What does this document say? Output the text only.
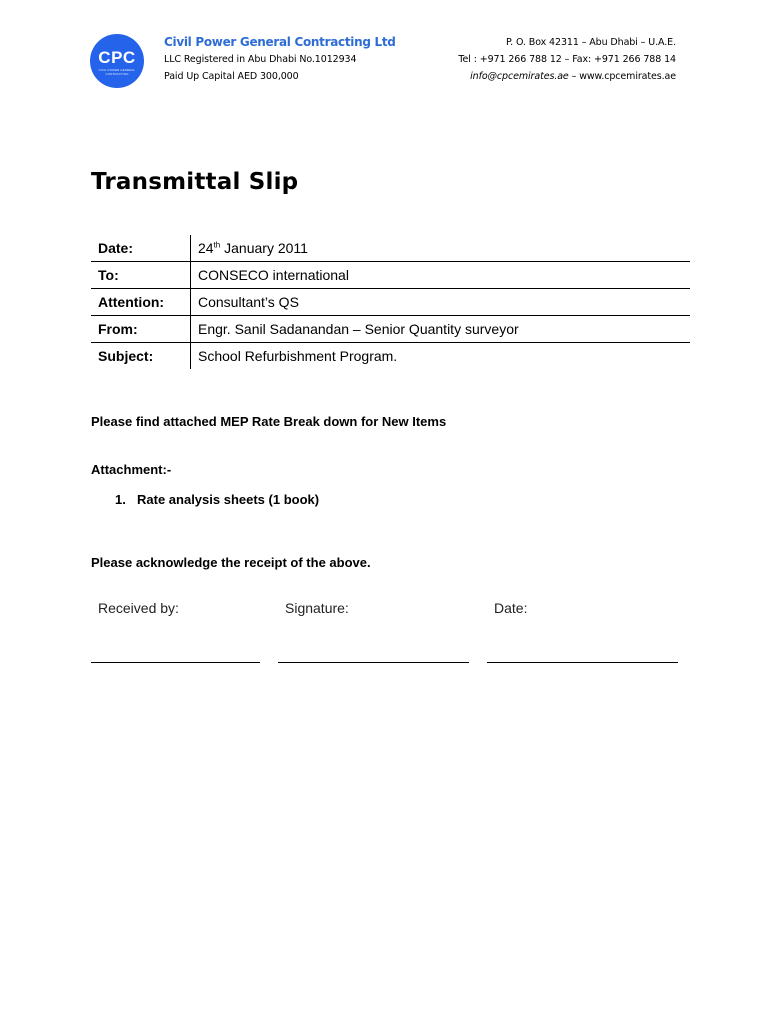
CPC
CIVIL POWER GENERAL CONTRACTING
Civil Power General Contracting Ltd
LLC Registered in Abu Dhabi No.1012934
Paid Up Capital AED 300,000
P. O. Box 42311 – Abu Dhabi – U.A.E.
Tel : +971 266 788 12 – Fax: +971 266 788 14
info@cpcemirates.ae – www.cpcemirates.ae
Transmittal Slip
Date:	24th January 2011
To:	CONSECO international
Attention:	Consultant’s QS
From:	Engr. Sanil Sadanandan – Senior Quantity surveyor
Subject:	School Refurbishment Program.
Please find attached MEP Rate Break down for New Items
Attachment:-
1. Rate analysis sheets (1 book)
Please acknowledge the receipt of the above.
Received by:	Signature:	Date:
